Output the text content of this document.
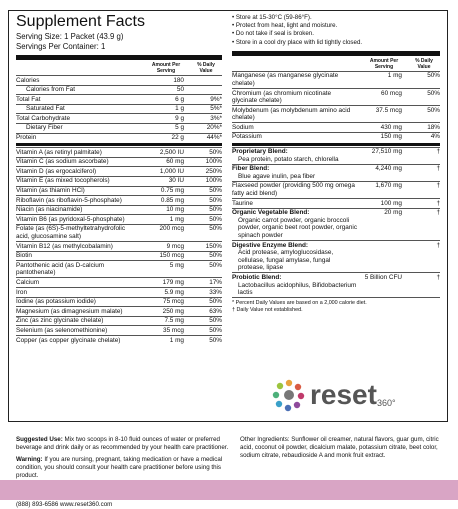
Supplement Facts
Serving Size: 1 Packet (43.9 g)
Servings Per Container: 1
Amount Per Serving
% Daily Value
Calories	180
Calories from Fat	50
Total Fat	6 g	9%*
Saturated Fat	1 g	5%*
Total Carbohydrate	9 g	3%*
Dietary Fiber	5 g	20%*
Protein	22 g	44%*
Vitamin A (as retinyl palmitate)	2,500 IU	50%
Vitamin C (as sodium ascorbate)	60 mg	100%
Vitamin D (as ergocalciferol)	1,000 IU	250%
Vitamin E (as mixed tocopherols)	30 IU	100%
Vitamin (as thiamin HCl)	0.75 mg	50%
Riboflavin (as riboflavin-5-phosphate)	0.85 mg	50%
Niacin (as niacinamide)	10 mg	50%
Vitamin B6 (as pyridoxal-5-phosphate)	1 mg	50%
Folate (as (6S)-5-methyltetrahydrofolic acid, glucosamine salt)
200 mcg	50%
Vitamin B12 (as methylcobalamin)	9 mcg	150%
Biotin	150 mcg	50%
Pantothenic acid (as D-calcium pantothenate)
5 mg	50%
Calcium	179 mg	17%
Iron	5.9 mg	33%
Iodine (as potassium iodide)	75 mcg	50%
Magnesium (as dimagnesium malate)	250 mg	63%
Zinc (as zinc glycinate chelate)	7.5 mg	50%
Selenium (as selenomethionine)	35 mcg	50%
Copper (as copper glycinate chelate)	1 mg	50%
• Store at 15-30°C (59-86°F).
• Protect from heat, light and moisture.
• Do not take if seal is broken.
• Store in a cool dry place with lid tightly closed.
Amount Per Serving
% Daily Value
Manganese (as manganese glycinate chelate)
1 mg	50%
Chromium (as chromium nicotinate glycinate chelate)
60 mcg	50%
Molybdenum (as molybdenum amino acid chelate)
37.5 mcg	50%
Sodium	430 mg	18%
Potassium	150 mg	4%
Proprietary Blend:
Pea protein, potato starch, chlorella
27,510 mg	†
Fiber Blend:
Blue agave inulin, pea fiber
4,240 mg	†
Flaxseed powder (providing 500 mg omega fatty acid blend)
1,670 mg	†
Taurine	100 mg	†
Organic Vegetable Blend:
Organic carrot powder, organic broccoli powder, organic beet root powder, organic spinach powder
20 mg	†
Digestive Enzyme Blend:
Acid protease, amyloglucosidase, cellulase, fungal amylase, fungal protease, lipase
†
Probiotic Blend:
Lactobacillus acidophilus, Bifidobacterium lactis
5 Billion CFU	†
* Percent Daily Values are based on a 2,000 calorie diet.
† Daily Value not established.
Suggested Use: Mix two scoops in 8-10 fluid ounces of water or preferred beverage and drink daily or as recommended by your health care practitioner.
Warning: If you are nursing, pregnant, taking medication or have a medical condition, you should consult your health care practitioner before using this product.
(888) 893-6586 www.reset360.com
Other Ingredients: Sunflower oil creamer, natural flavors, guar gum, citric acid, coconut oil powder, dicalcium malate, potassium citrate, beet color, sodium citrate, rebaudioside A and monk fruit extract.
reset 360°
